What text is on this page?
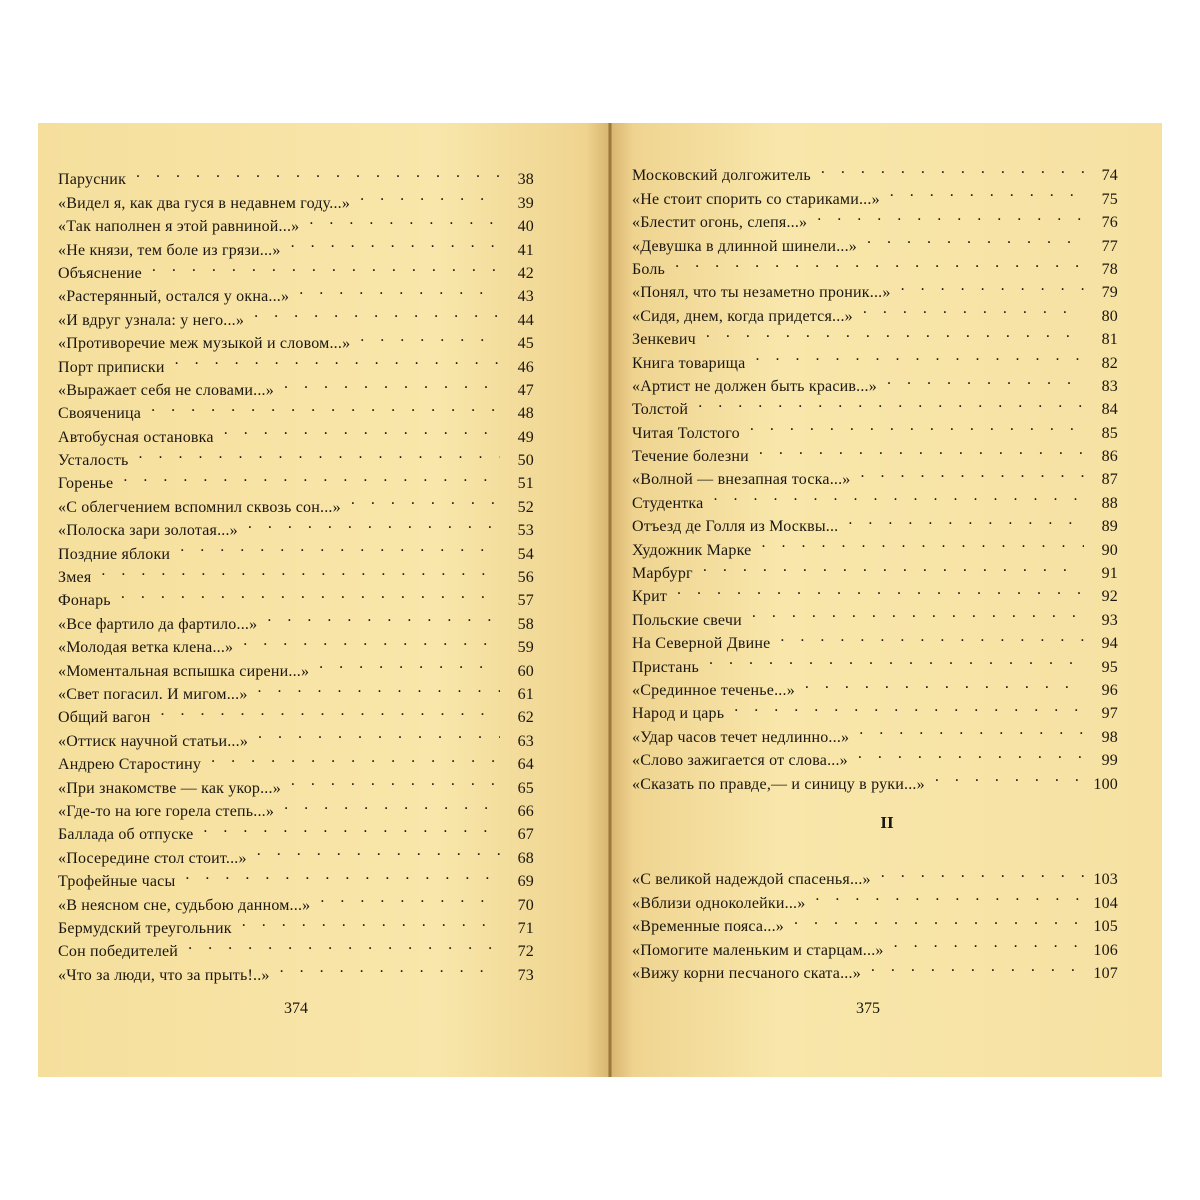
Парусник . . .	38
«Видел я, как два гуся в недавнем году...» . . .	39
«Так наполнен я этой равниной...» . . .	40
«Не князи, тем боле из грязи...» . . .	41
Объяснение . . .	42
«Растерянный, остался у окна...» . . .	43
«И вдруг узнала: у него...» . . .	44
«Противоречие меж музыкой и словом...» . . .	45
Порт приписки . . .	46
«Выражает себя не словами...» . . .	47
Свояченица . . .	48
Автобусная остановка . . .	49
Усталость . . .	50
Горенье . . .	51
«С облегчением вспомнил сквозь сон...» . . .	52
«Полоска зари золотая...» . . .	53
Поздние яблоки . . .	54
Змея . . .	56
Фонарь . . .	57
«Все фартило да фартило...» . . .	58
«Молодая ветка клена...» . . .	59
«Моментальная вспышка сирени...» . . .	60
«Свет погасил. И мигом...» . . .	61
Общий вагон . . .	62
«Оттиск научной статьи...» . . .	63
Андрею Старостину . . .	64
«При знакомстве — как укор...» . . .	65
«Где-то на юге горела степь...» . . .	66
Баллада об отпуске . . .	67
«Посередине стол стоит...» . . .	68
Трофейные часы . . .	69
«В неясном сне, судьбою данном...» . . .	70
Бермудский треугольник . . .	71
Сон победителей . . .	72
«Что за люди, что за прыть!..» . . .	73

374

Московский долгожитель . . .	74
«Не стоит спорить со стариками...» . . .	75
«Блестит огонь, слепя...» . . .	76
«Девушка в длинной шинели...» . . .	77
Боль . . .	78
«Понял, что ты незаметно проник...» . . .	79
«Сидя, днем, когда придется...» . . .	80
Зенкевич . . .	81
Книга товарища . . .	82
«Артист не должен быть красив...» . . .	83
Толстой . . .	84
Читая Толстого . . .	85
Течение болезни . . .	86
«Волной — внезапная тоска...» . . .	87
Студентка . . .	88
Отъезд де Голля из Москвы... . . .	89
Художник Марке . . .	90
Марбург . . .	91
Крит . . .	92
Польские свечи . . .	93
На Северной Двине . . .	94
Пристань . . .	95
«Срединное теченье...» . . .	96
Народ и царь . . .	97
«Удар часов течет недлинно...» . . .	98
«Слово зажигается от слова...» . . .	99
«Сказать по правде,— и синицу в руки...» . . .	100
II
«С великой надеждой спасенья...» . . .	103
«Вблизи одноколейки...» . . .	104
«Временные пояса...» . . .	105
«Помогите маленьким и старцам...» . . .	106
«Вижу корни песчаного ската...» . . .	107

375
